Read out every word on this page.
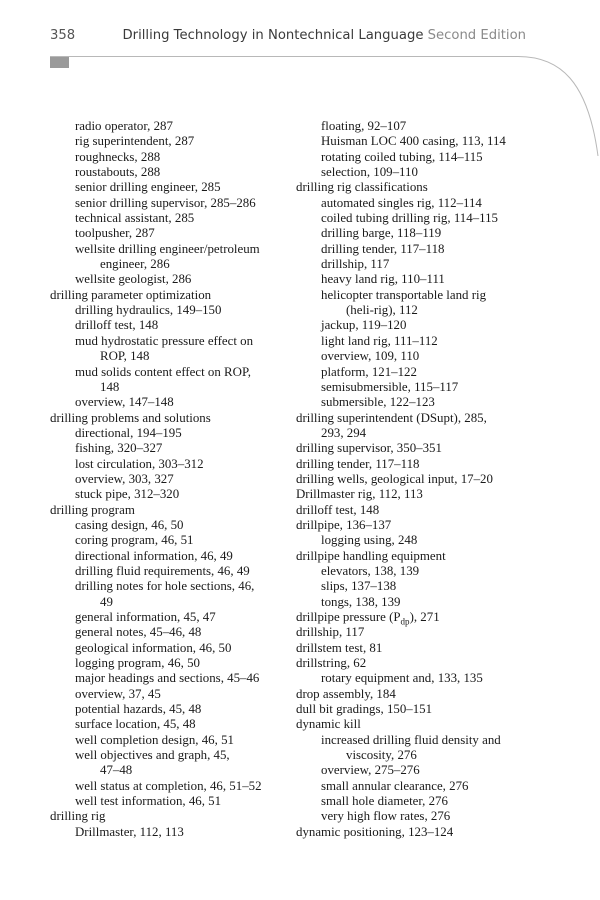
358	Drilling Technology in Nontechnical Language Second Edition
radio operator, 287
rig superintendent, 287
roughnecks, 288
roustabouts, 288
senior drilling engineer, 285
senior drilling supervisor, 285–286
technical assistant, 285
toolpusher, 287
wellsite drilling engineer/petroleum
engineer, 286
wellsite geologist, 286
drilling parameter optimization
drilling hydraulics, 149–150
drilloff test, 148
mud hydrostatic pressure effect on
ROP, 148
mud solids content effect on ROP,
148
overview, 147–148
drilling problems and solutions
directional, 194–195
fishing, 320–327
lost circulation, 303–312
overview, 303, 327
stuck pipe, 312–320
drilling program
casing design, 46, 50
coring program, 46, 51
directional information, 46, 49
drilling fluid requirements, 46, 49
drilling notes for hole sections, 46,
49
general information, 45, 47
general notes, 45–46, 48
geological information, 46, 50
logging program, 46, 50
major headings and sections, 45–46
overview, 37, 45
potential hazards, 45, 48
surface location, 45, 48
well completion design, 46, 51
well objectives and graph, 45,
47–48
well status at completion, 46, 51–52
well test information, 46, 51
drilling rig
Drillmaster, 112, 113
floating, 92–107
Huisman LOC 400 casing, 113, 114
rotating coiled tubing, 114–115
selection, 109–110
drilling rig classifications
automated singles rig, 112–114
coiled tubing drilling rig, 114–115
drilling barge, 118–119
drilling tender, 117–118
drillship, 117
heavy land rig, 110–111
helicopter transportable land rig
(heli-rig), 112
jackup, 119–120
light land rig, 111–112
overview, 109, 110
platform, 121–122
semisubmersible, 115–117
submersible, 122–123
drilling superintendent (DSupt), 285,
293, 294
drilling supervisor, 350–351
drilling tender, 117–118
drilling wells, geological input, 17–20
Drillmaster rig, 112, 113
drilloff test, 148
drillpipe, 136–137
logging using, 248
drillpipe handling equipment
elevators, 138, 139
slips, 137–138
tongs, 138, 139
drillpipe pressure $(P_{dp})$, 271
drillship, 117
drillstem test, 81
drillstring, 62
rotary equipment and, 133, 135
drop assembly, 184
dull bit gradings, 150–151
dynamic kill
increased drilling fluid density and
viscosity, 276
overview, 275–276
small annular clearance, 276
small hole diameter, 276
very high flow rates, 276
dynamic positioning, 123–124
